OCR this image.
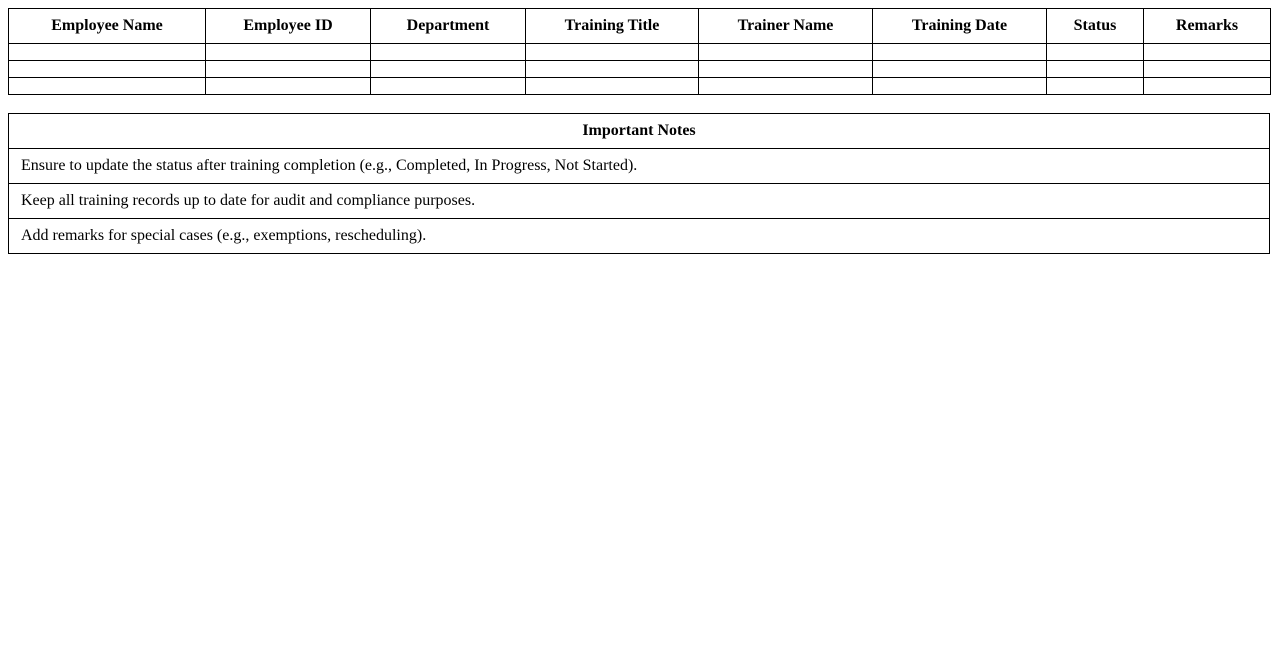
Employee Name	Employee ID	Department	Training Title	Trainer Name	Training Date	Status	Remarks

Important Notes
Ensure to update the status after training completion (e.g., Completed, In Progress, Not Started).
Keep all training records up to date for audit and compliance purposes.
Add remarks for special cases (e.g., exemptions, rescheduling).
